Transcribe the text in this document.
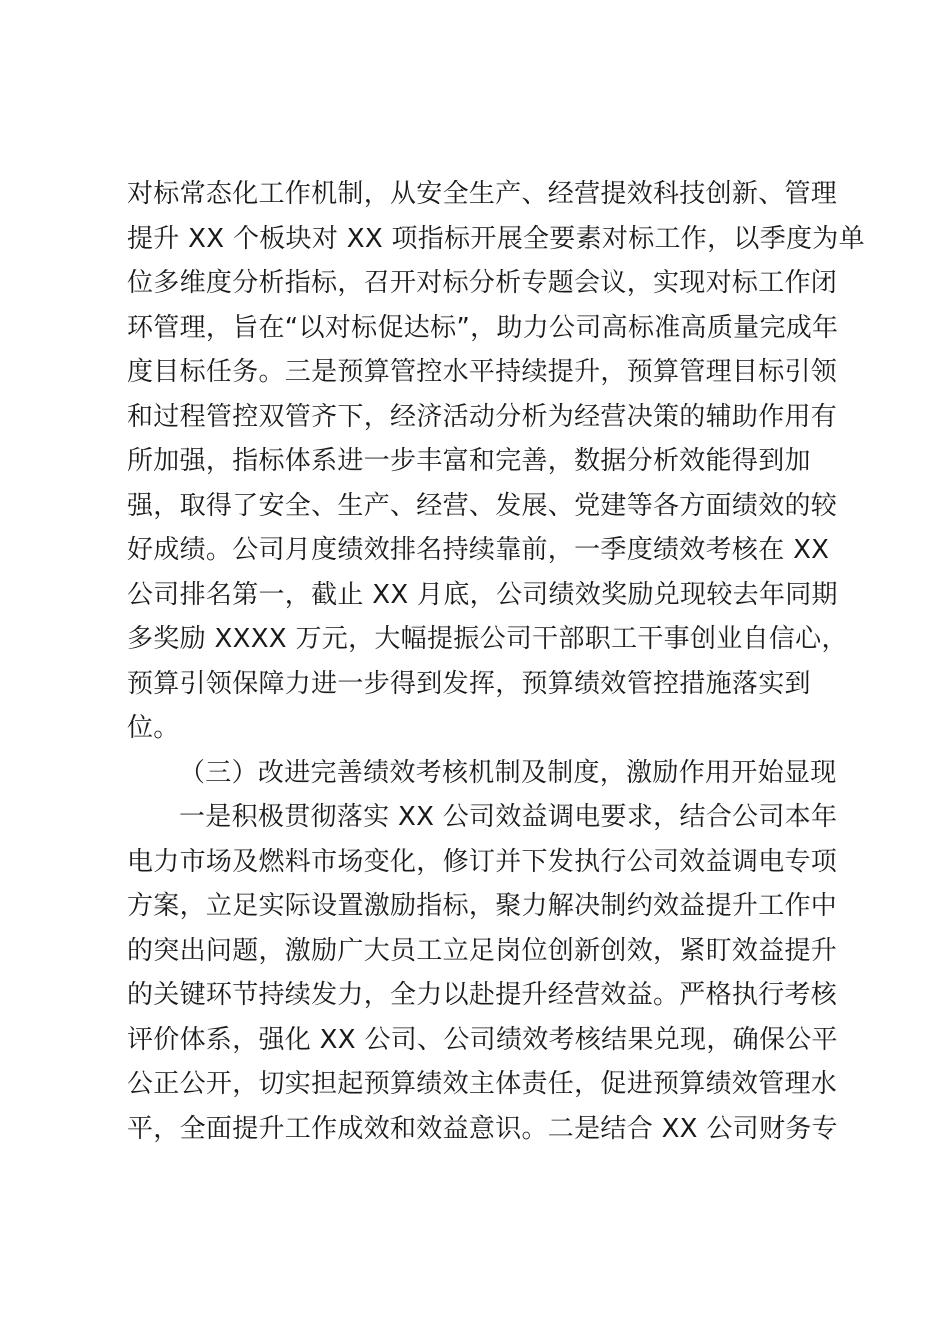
对标常态化工作机制，从安全生产、经营提效科技创新、管理
提升 XX 个板块对 XX 项指标开展全要素对标工作，以季度为单
位多维度分析指标，召开对标分析专题会议，实现对标工作闭
环管理，旨在“以对标促达标”，助力公司高标准高质量完成年
度目标任务。三是预算管控水平持续提升，预算管理目标引领
和过程管控双管齐下，经济活动分析为经营决策的辅助作用有
所加强，指标体系进一步丰富和完善，数据分析效能得到加
强，取得了安全、生产、经营、发展、党建等各方面绩效的较
好成绩。公司月度绩效排名持续靠前，一季度绩效考核在 XX
公司排名第一，截止 XX 月底，公司绩效奖励兑现较去年同期
多奖励 XXXX 万元，大幅提振公司干部职工干事创业自信心，
预算引领保障力进一步得到发挥，预算绩效管控措施落实到
位。
（三）改进完善绩效考核机制及制度，激励作用开始显现
一是积极贯彻落实 XX 公司效益调电要求，结合公司本年
电力市场及燃料市场变化，修订并下发执行公司效益调电专项
方案，立足实际设置激励指标，聚力解决制约效益提升工作中
的突出问题，激励广大员工立足岗位创新创效，紧盯效益提升
的关键环节持续发力，全力以赴提升经营效益。严格执行考核
评价体系，强化 XX 公司、公司绩效考核结果兑现，确保公平
公正公开，切实担起预算绩效主体责任，促进预算绩效管理水
平，全面提升工作成效和效益意识。二是结合 XX 公司财务专
